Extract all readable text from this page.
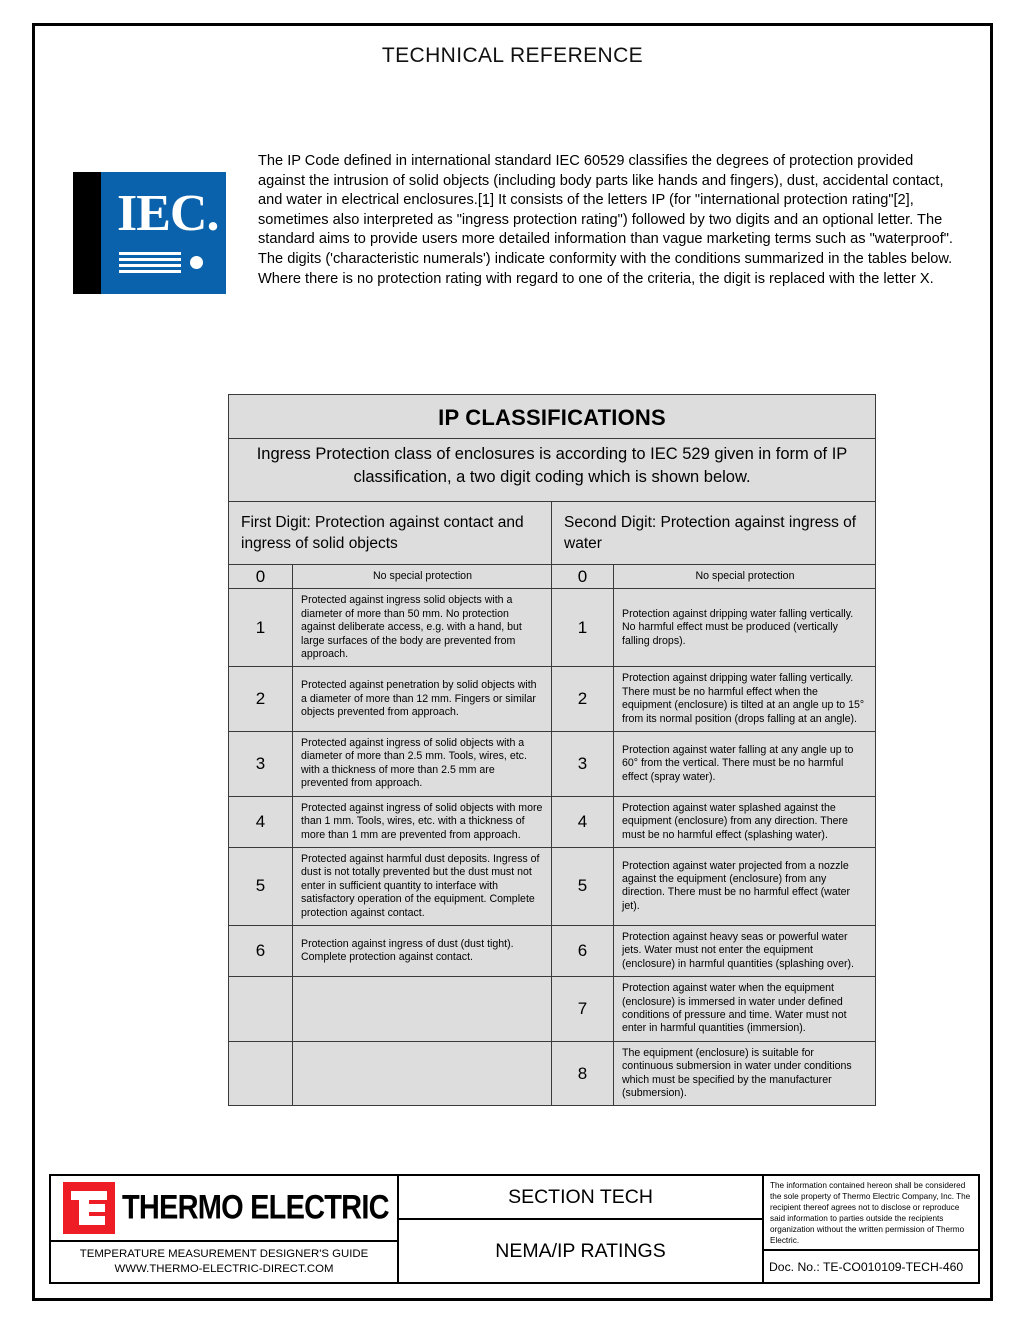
TECHNICAL REFERENCE
IEC.
The IP Code defined in international standard IEC 60529 classifies the degrees of protection provided against the intrusion of solid objects (including body parts like hands and fingers), dust, accidental contact, and water in electrical enclosures.[1] It consists of the letters IP (for "international protection rating"[2], sometimes also interpreted as "ingress protection rating") followed by two digits and an optional letter. The standard aims to provide users more detailed information than vague marketing terms such as "waterproof". The digits ('characteristic numerals') indicate conformity with the conditions summarized in the tables below. Where there is no protection rating with regard to one of the criteria, the digit is replaced with the letter X.
IP CLASSIFICATIONS			
Ingress Protection class of enclosures is according to IEC 529 given in form of IP classification, a two digit coding which is shown below.			
First Digit: Protection against contact and ingress of solid objects		Second Digit: Protection against ingress of water	
0	No special protection	0	No special protection
1	Protected against ingress solid objects with a diameter of more than 50 mm. No protection against deliberate access, e.g. with a hand, but large surfaces of the body are prevented from approach.	1	Protection against dripping water falling vertically. No harmful effect must be produced (vertically falling drops).
2	Protected against penetration by solid objects with a diameter of more than 12 mm. Fingers or similar objects prevented from approach.	2	Protection against dripping water falling vertically. There must be no harmful effect when the equipment (enclosure) is tilted at an angle up to 15° from its normal position (drops falling at an angle).
3	Protected against ingress of solid objects with a diameter of more than 2.5 mm. Tools, wires, etc. with a thickness of more than 2.5 mm are prevented from approach.	3	Protection against water falling at any angle up to 60° from the vertical. There must be no harmful effect (spray water).
4	Protected against ingress of solid objects with more than 1 mm. Tools, wires, etc. with a thickness of more than 1 mm are prevented from approach.	4	Protection against water splashed against the equipment (enclosure) from any direction. There must be no harmful effect (splashing water).
5	Protected against harmful dust deposits. Ingress of dust is not totally prevented but the dust must not enter in sufficient quantity to interface with satisfactory operation of the equipment. Complete protection against contact.	5	Protection against water projected from a nozzle against the equipment (enclosure) from any direction. There must be no harmful effect (water jet).
6	Protection against ingress of dust (dust tight). Complete protection against contact.	6	Protection against heavy seas or powerful water jets. Water must not enter the equipment (enclosure) in harmful quantities (splashing over).
		7	Protection against water when the equipment (enclosure) is immersed in water under defined conditions of pressure and time. Water must not enter in harmful quantities (immersion).
		8	The equipment (enclosure) is suitable for continuous submersion in water under conditions which must be specified by the manufacturer (submersion).
THERMO ELECTRIC
TEMPERATURE MEASUREMENT DESIGNER'S GUIDE
WWW.THERMO-ELECTRIC-DIRECT.COM
SECTION TECH
NEMA/IP RATINGS
The information contained hereon shall be considered the sole property of Thermo Electric Company, Inc. The recipient thereof agrees not to disclose or reproduce said information to parties outside the recipients organization without the written permission of Thermo Electric.
Doc. No.: TE-CO010109-TECH-460
